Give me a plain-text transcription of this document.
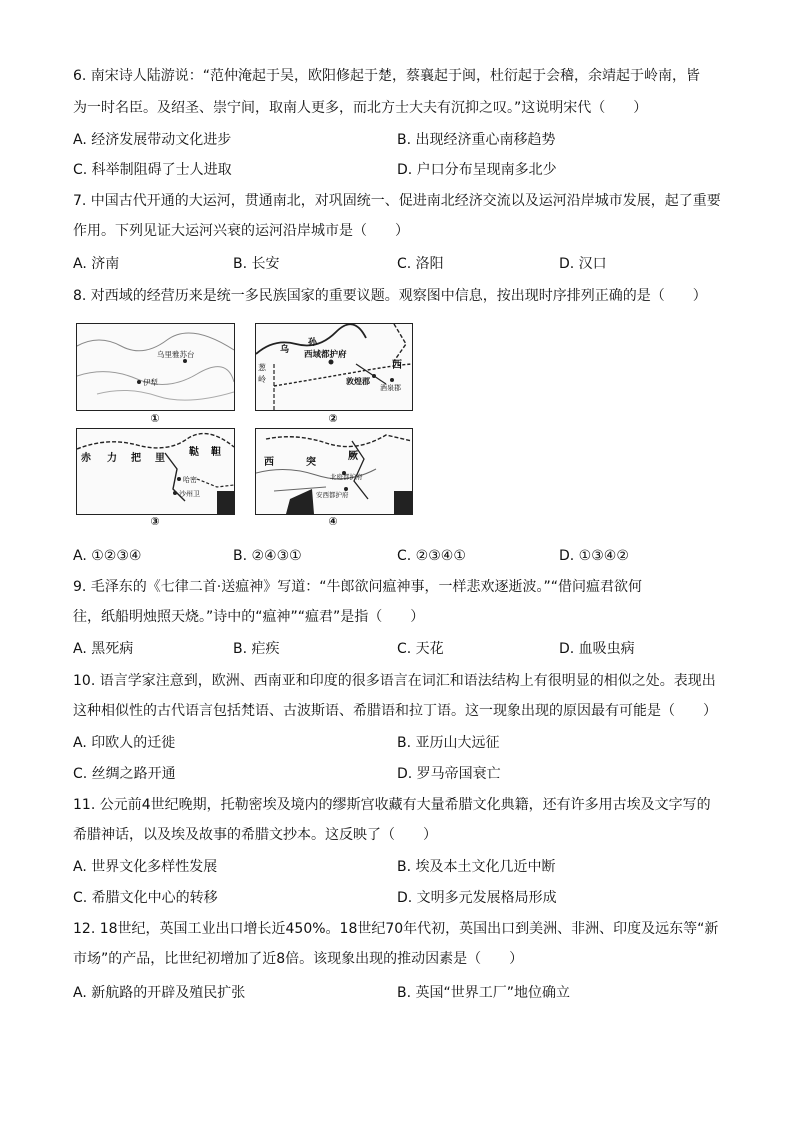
6. 南宋诗人陆游说：“范仲淹起于吴，欧阳修起于楚，蔡襄起于闽，杜衍起于会稽，余靖起于岭南，皆
为一时名臣。及绍圣、崇宁间，取南人更多，而北方士大夫有沉抑之叹。”这说明宋代（　　）
A. 经济发展带动文化进步	B. 出现经济重心南移趋势
C. 科举制阻碍了士人进取	D. 户口分布呈现南多北少
7. 中国古代开通的大运河，贯通南北，对巩固统一、促进南北经济交流以及运河沿岸城市发展，起了重要
作用。下列见证大运河兴衰的运河沿岸城市是（　　）
A. 济南	B. 长安	C. 洛阳	D. 汉口
8. 对西域的经营历来是统一多民族国家的重要议题。观察图中信息，按出现时序排列正确的是（　　）
乌里雅苏台
伊犁
①
乌
孙
西域都护府
西
敦煌郡
酒泉郡
葱
岭
②
赤 力 把 里
鞑 靼
哈密
沙州卫
③
西	突
厥
安西都护府
北庭都护府
④
A. ①②③④	B. ②④③①	C. ②③④①	D. ①③④②
9. 毛泽东的《七律二首·送瘟神》写道：“牛郎欲问瘟神事，一样悲欢逐逝波。”“借问瘟君欲何
往，纸船明烛照天烧。”诗中的“瘟神”“瘟君”是指（　　）
A. 黑死病	B. 疟疾	C. 天花	D. 血吸虫病
10. 语言学家注意到，欧洲、西南亚和印度的很多语言在词汇和语法结构上有很明显的相似之处。表现出
这种相似性的古代语言包括梵语、古波斯语、希腊语和拉丁语。这一现象出现的原因最有可能是（　　）
A. 印欧人的迁徙	B. 亚历山大远征
C. 丝绸之路开通	D. 罗马帝国衰亡
11. 公元前4世纪晚期，托勒密埃及境内的缪斯宫收藏有大量希腊文化典籍，还有许多用古埃及文字写的
希腊神话，以及埃及故事的希腊文抄本。这反映了（　　）
A. 世界文化多样性发展	B. 埃及本土文化几近中断
C. 希腊文化中心的转移	D. 文明多元发展格局形成
12. 18世纪，英国工业出口增长近450%。18世纪70年代初，英国出口到美洲、非洲、印度及远东等“新
市场”的产品，比世纪初增加了近8倍。该现象出现的推动因素是（　　）
A. 新航路的开辟及殖民扩张	B. 英国“世界工厂”地位确立
